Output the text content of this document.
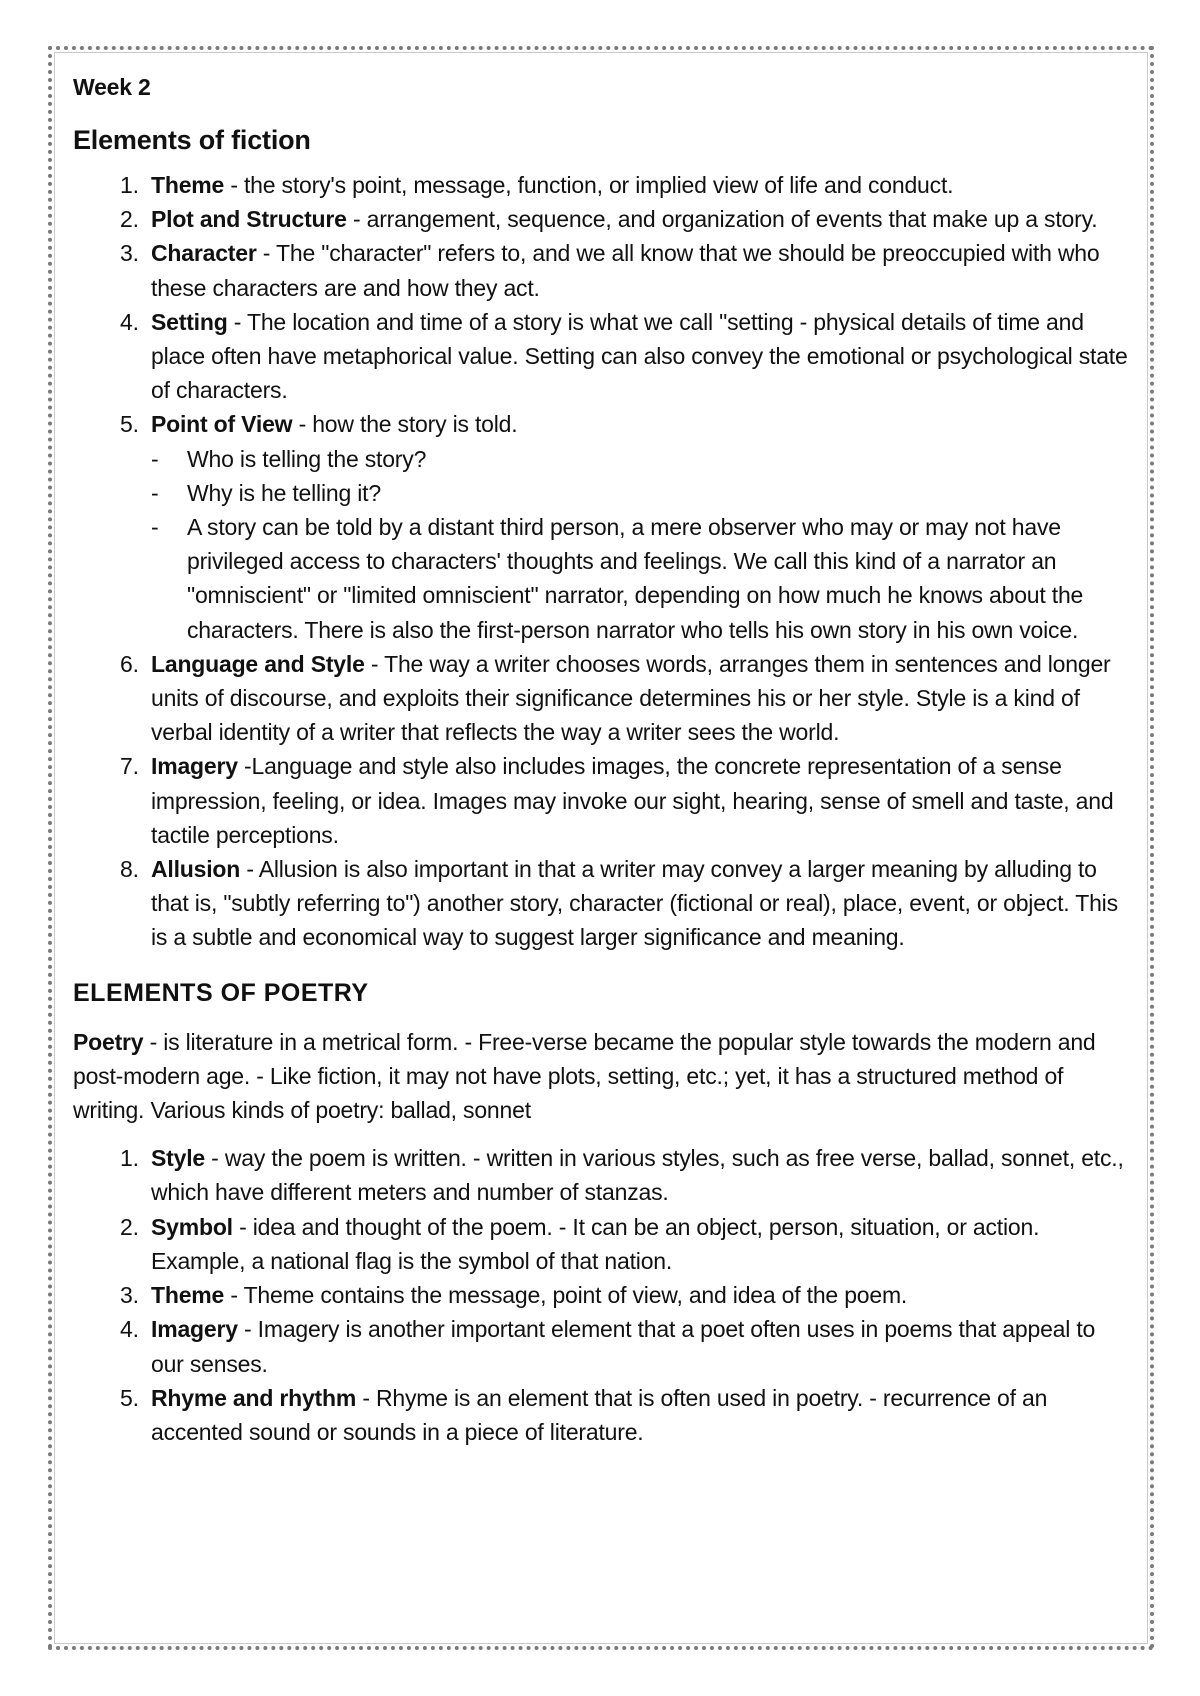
Week 2
Elements of fiction
1. Theme - the story's point, message, function, or implied view of life and conduct.
2. Plot and Structure - arrangement, sequence, and organization of events that make up a story.
3. Character - The "character" refers to, and we all know that we should be preoccupied with who these characters are and how they act.
4. Setting - The location and time of a story is what we call "setting - physical details of time and place often have metaphorical value. Setting can also convey the emotional or psychological state of characters.
5. Point of View - how the story is told.
- Who is telling the story?
- Why is he telling it?
- A story can be told by a distant third person, a mere observer who may or may not have privileged access to characters' thoughts and feelings. We call this kind of a narrator an "omniscient" or "limited omniscient" narrator, depending on how much he knows about the characters. There is also the first-person narrator who tells his own story in his own voice.
6. Language and Style - The way a writer chooses words, arranges them in sentences and longer units of discourse, and exploits their significance determines his or her style. Style is a kind of verbal identity of a writer that reflects the way a writer sees the world.
7. Imagery -Language and style also includes images, the concrete representation of a sense impression, feeling, or idea. Images may invoke our sight, hearing, sense of smell and taste, and tactile perceptions.
8. Allusion - Allusion is also important in that a writer may convey a larger meaning by alluding to that is, "subtly referring to") another story, character (fictional or real), place, event, or object. This is a subtle and economical way to suggest larger significance and meaning.
ELEMENTS OF POETRY

Poetry - is literature in a metrical form. - Free-verse became the popular style towards the modern and post-modern age. - Like fiction, it may not have plots, setting, etc.; yet, it has a structured method of writing. Various kinds of poetry: ballad, sonnet

1. Style - way the poem is written. - written in various styles, such as free verse, ballad, sonnet, etc., which have different meters and number of stanzas.
2. Symbol - idea and thought of the poem. - It can be an object, person, situation, or action. Example, a national flag is the symbol of that nation.
3. Theme - Theme contains the message, point of view, and idea of the poem.
4. Imagery - Imagery is another important element that a poet often uses in poems that appeal to our senses.
5. Rhyme and rhythm - Rhyme is an element that is often used in poetry. - recurrence of an accented sound or sounds in a piece of literature.
